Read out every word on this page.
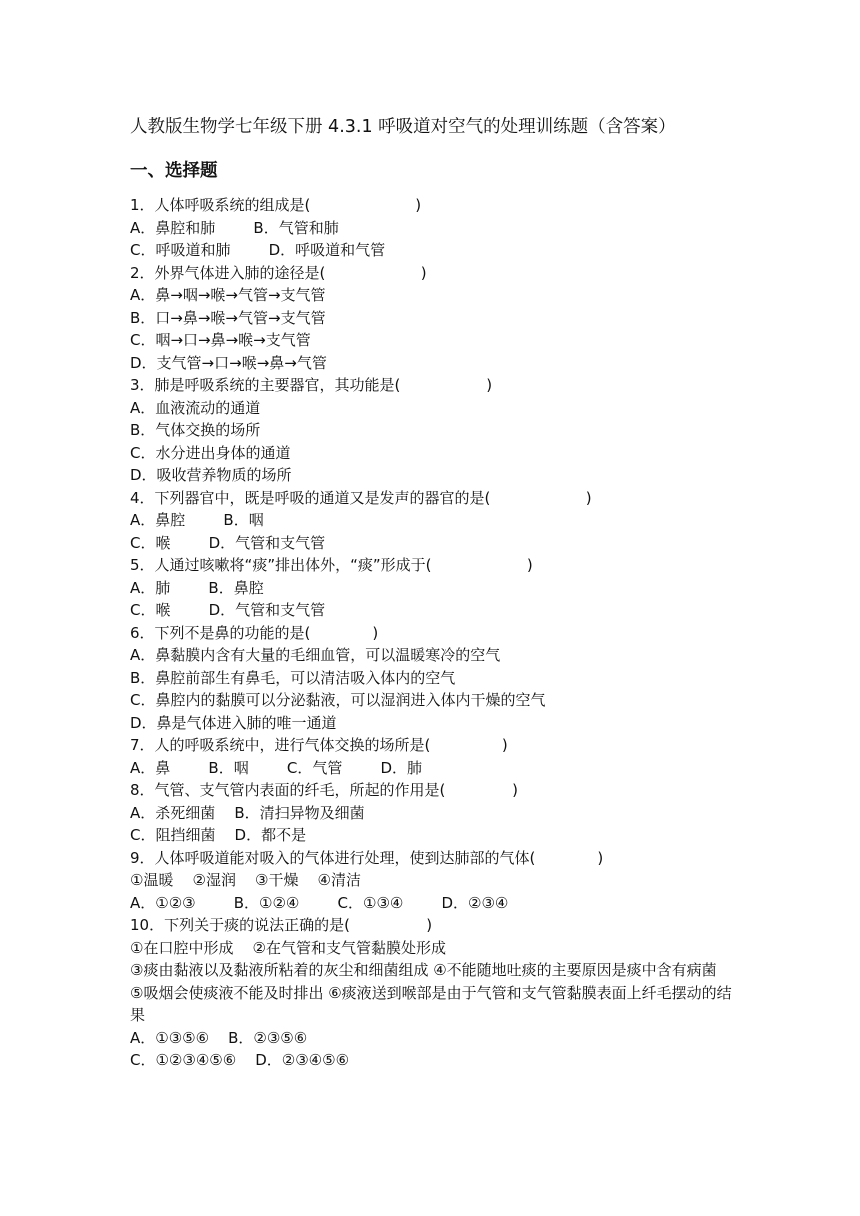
人教版生物学七年级下册 4.3.1 呼吸道对空气的处理训练题（含答案）
一、选择题
1．人体呼吸系统的组成是(                      )
A．鼻腔和肺        B．气管和肺
C．呼吸道和肺        D．呼吸道和气管
2．外界气体进入肺的途径是(                    )
A．鼻→咽→喉→气管→支气管
B．口→鼻→喉→气管→支气管
C．咽→口→鼻→喉→支气管
D．支气管→口→喉→鼻→气管
3．肺是呼吸系统的主要器官，其功能是(                  )
A．血液流动的通道
B．气体交换的场所
C．水分进出身体的通道
D．吸收营养物质的场所
4．下列器官中，既是呼吸的通道又是发声的器官的是(                    )
A．鼻腔        B．咽
C．喉        D．气管和支气管
5．人通过咳嗽将“痰”排出体外，“痰”形成于(                    )
A．肺        B．鼻腔
C．喉        D．气管和支气管
6．下列不是鼻的功能的是(             )
A．鼻黏膜内含有大量的毛细血管，可以温暖寒冷的空气
B．鼻腔前部生有鼻毛，可以清洁吸入体内的空气
C．鼻腔内的黏膜可以分泌黏液，可以湿润进入体内干燥的空气
D．鼻是气体进入肺的唯一通道
7．人的呼吸系统中，进行气体交换的场所是(               )
A．鼻        B．咽        C．气管        D．肺
8．气管、支气管内表面的纤毛，所起的作用是(              )
A．杀死细菌    B．清扫异物及细菌
C．阻挡细菌    D．都不是
9．人体呼吸道能对吸入的气体进行处理，使到达肺部的气体(             )
①温暖    ②湿润    ③干燥    ④清洁
A．①②③        B．①②④        C．①③④        D．②③④
10．下列关于痰的说法正确的是(                )
①在口腔中形成    ②在气管和支气管黏膜处形成
③痰由黏液以及黏液所粘着的灰尘和细菌组成 ④不能随地吐痰的主要原因是痰中含有病菌
⑤吸烟会使痰液不能及时排出 ⑥痰液送到喉部是由于气管和支气管黏膜表面上纤毛摆动的结果
A．①③⑤⑥    B．②③⑤⑥
C．①②③④⑤⑥    D．②③④⑤⑥
